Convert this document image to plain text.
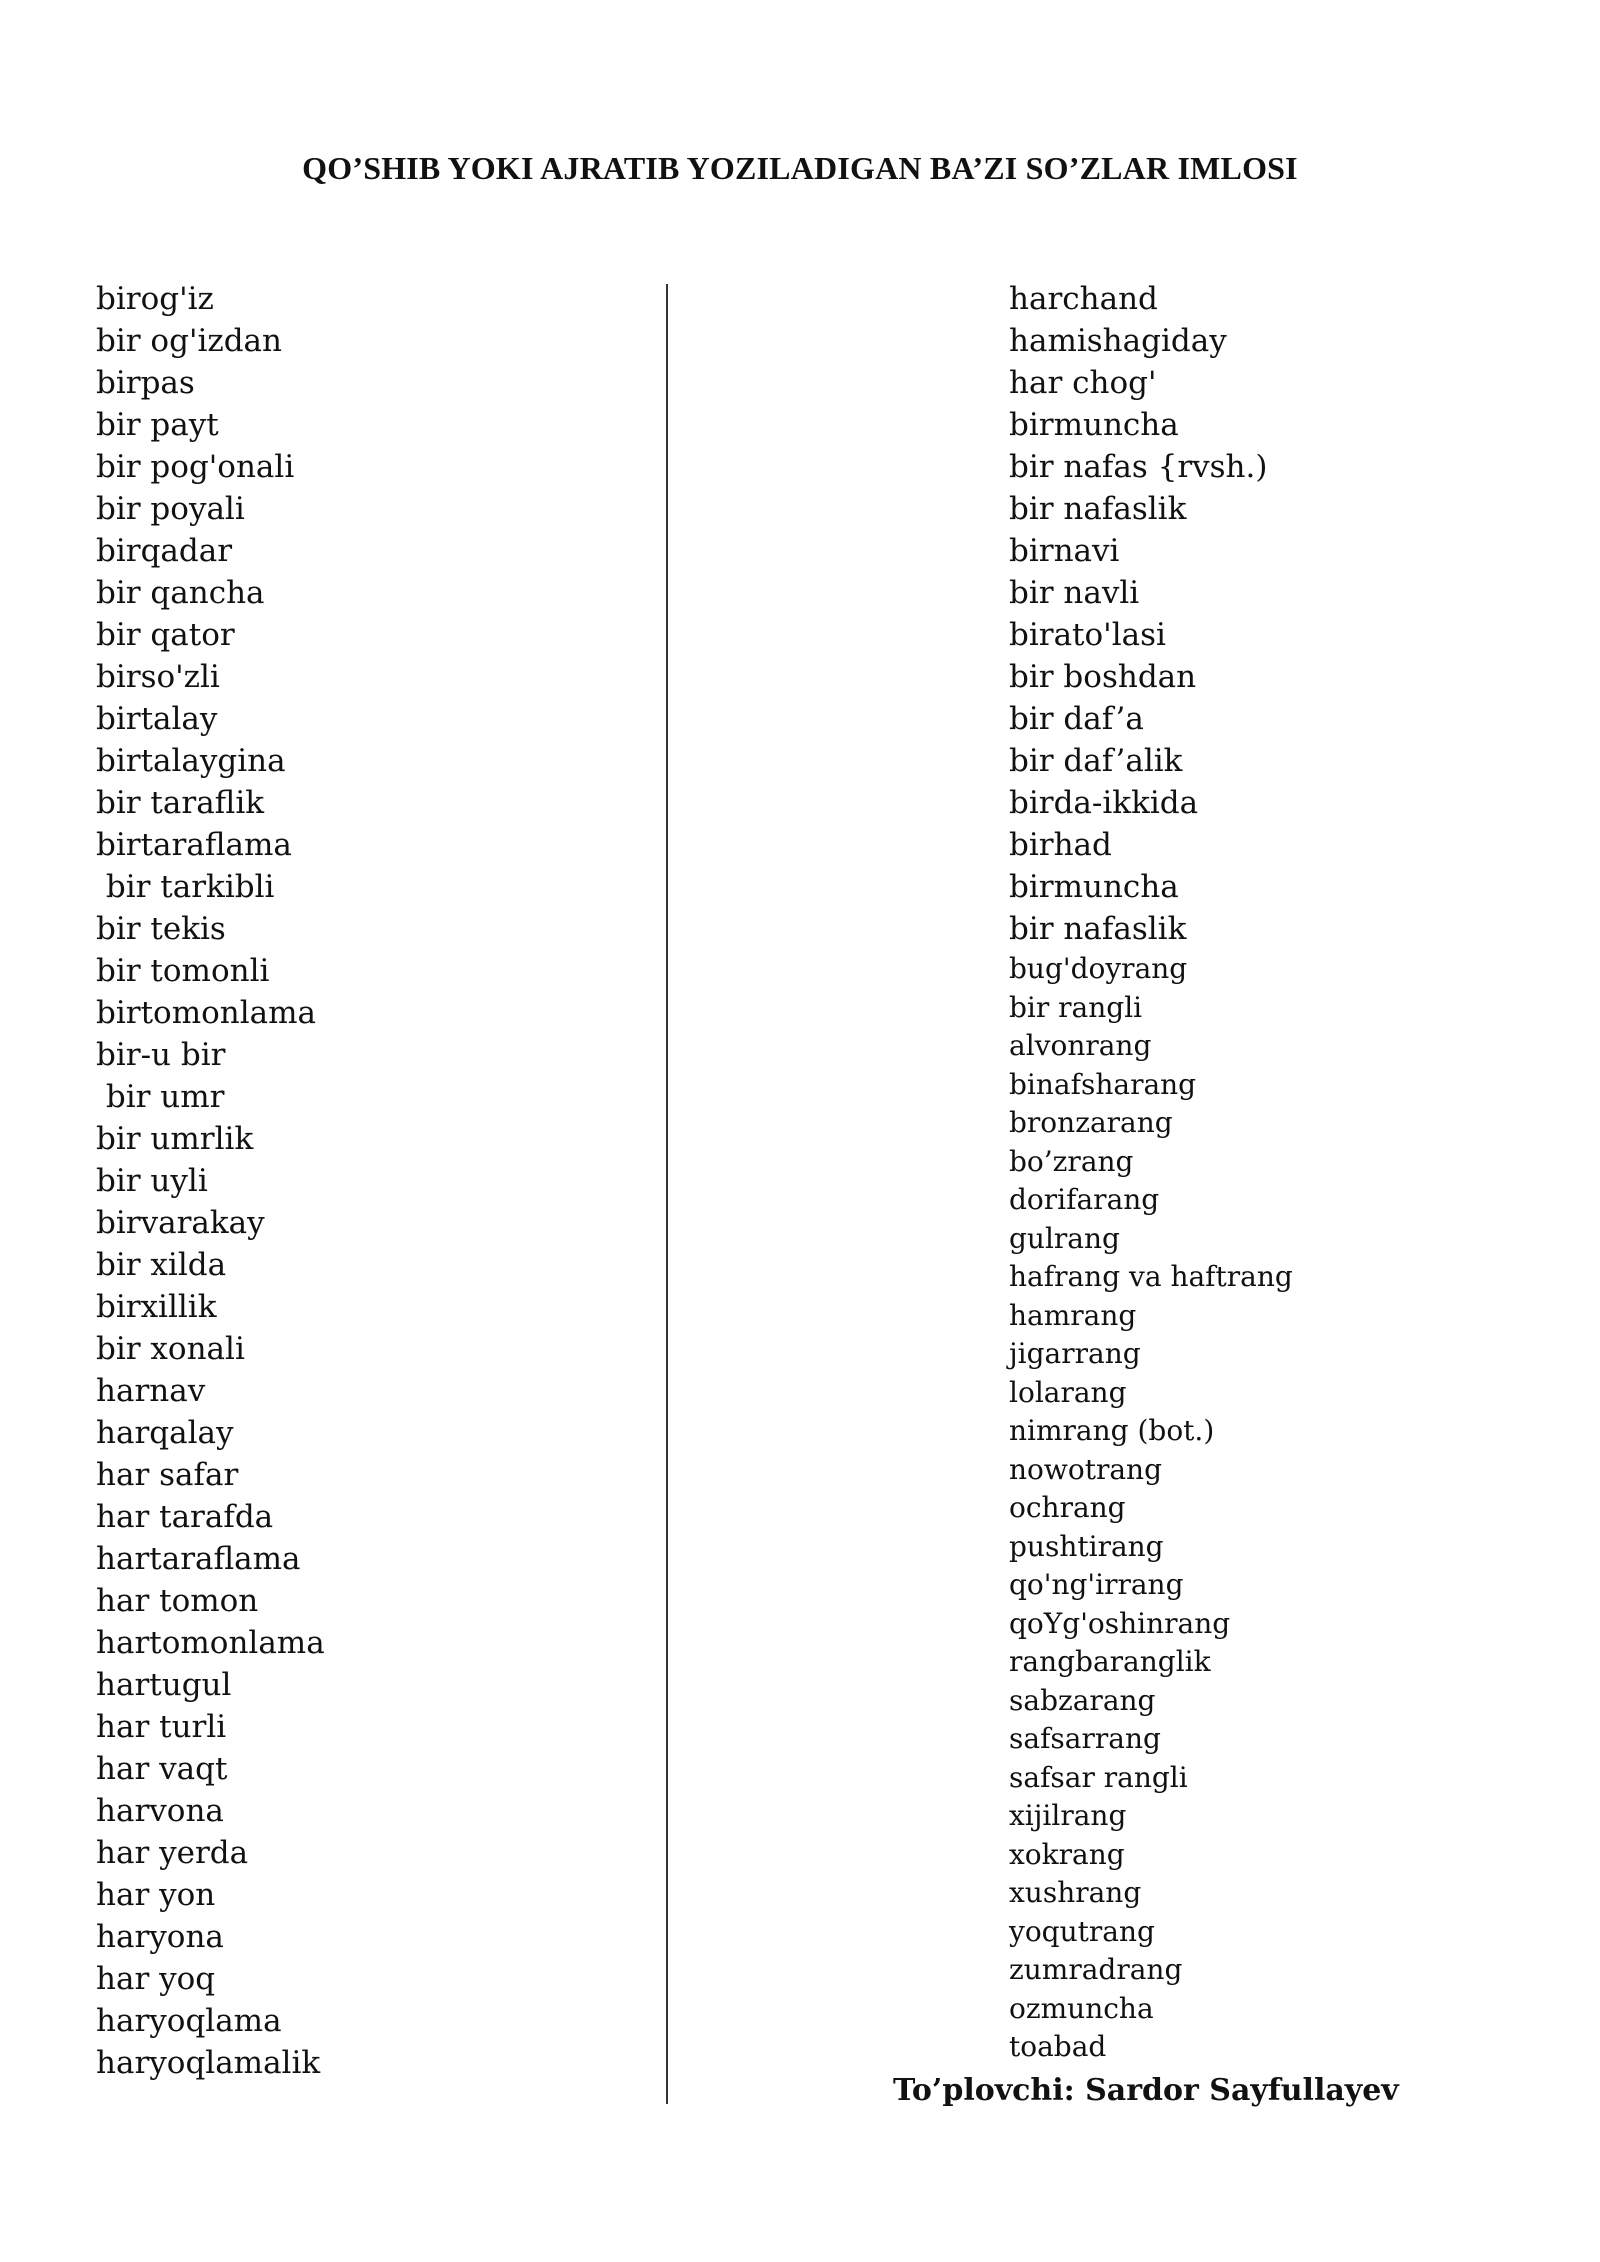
QO’SHIB YOKI AJRATIB YOZILADIGAN BA’ZI SO’ZLAR IMLOSI
birog'iz
bir og'izdan
birpas
bir payt
bir pog'onali
bir poyali
birqadar
bir qancha
bir qator
birso'zli
birtalay
birtalaygina
bir taraflik
birtaraflama
bir tarkibli
bir tekis
bir tomonli
birtomonlama
bir-u bir
bir umr
bir umrlik
bir uyli
birvarakay
bir xilda
birxillik
bir xonali
harnav
harqalay
har safar
har tarafda
hartaraflama
har tomon
hartomonlama
hartugul
har turli
har vaqt
harvona
har yerda
har yon
haryona
har yoq
haryoqlama
haryoqlamalik
harchand
hamishagiday
har chog'
birmuncha
bir nafas {rvsh.)
bir nafaslik
birnavi
bir navli
birato'lasi
bir boshdan
bir daf’a
bir daf’alik
birda-ikkida
birhad
birmuncha
bir nafaslik
bug'doyrang
bir rangli
alvonrang
binafsharang
bronzarang
bo’zrang
dorifarang
gulrang
hafrang va haftrang
hamrang
jigarrang
lolarang
nimrang (bot.)
nowotrang
ochrang
pushtirang
qo'ng'irrang
qoYg'oshinrang
rangbaranglik
sabzarang
safsarrang
safsar rangli
xijilrang
xokrang
xushrang
yoqutrang
zumradrang
ozmuncha
toabad
To’plovchi: Sardor Sayfullayev
